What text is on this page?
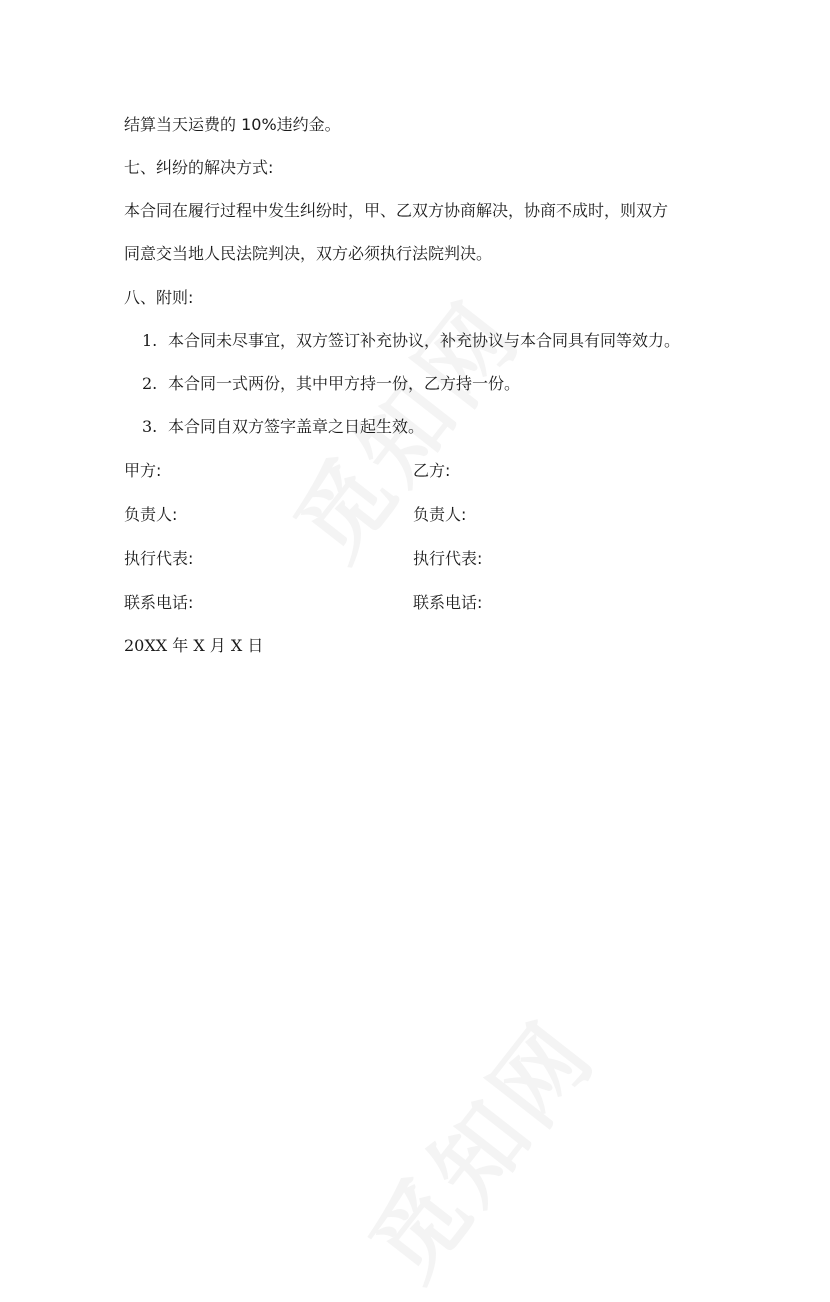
结算当天运费的 10%违约金。
七、纠纷的解决方式:
本合同在履行过程中发生纠纷时，甲、乙双方协商解决，协商不成时，则双方
同意交当地人民法院判决，双方必须执行法院判决。
八、附则:
1. 本合同未尽事宜，双方签订补充协议，补充协议与本合同具有同等效力。
2. 本合同一式两份，其中甲方持一份，乙方持一份。
3. 本合同自双方签字盖章之日起生效。
甲方:	乙方:
负责人:	负责人:
执行代表:	执行代表:
联系电话:	联系电话:
20XX 年 X 月 X 日
